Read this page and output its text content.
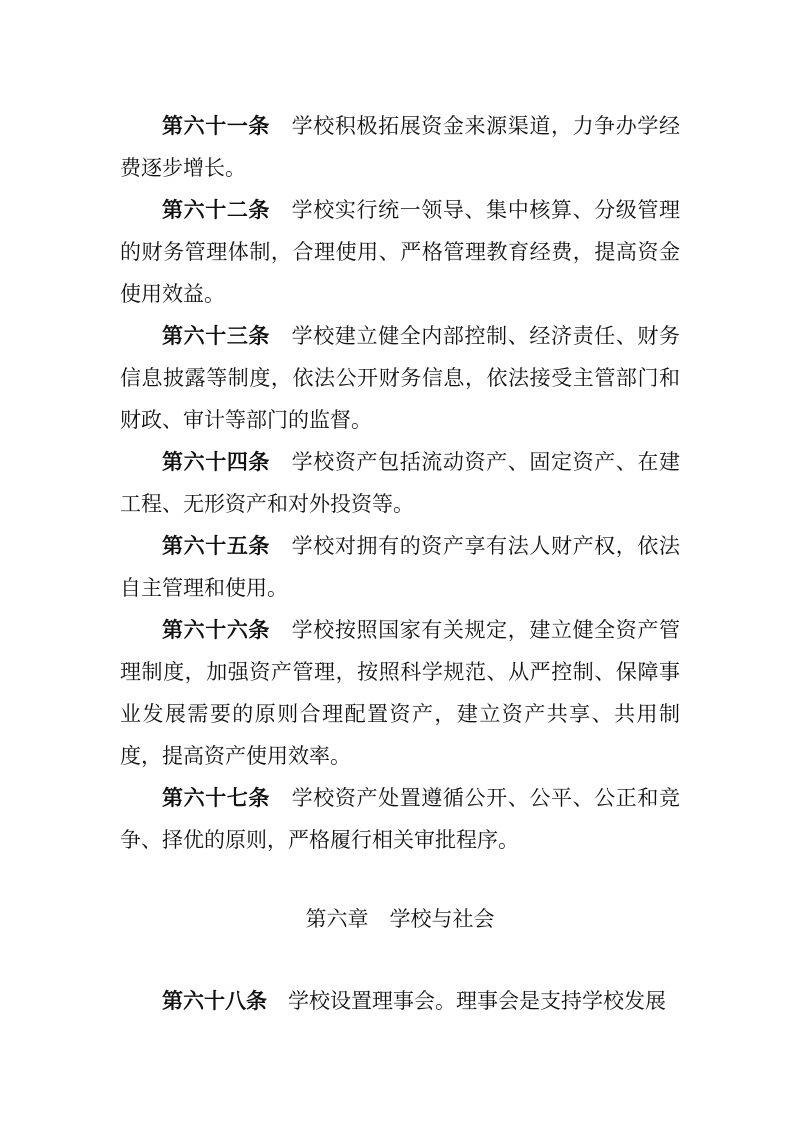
第六十一条 学校积极拓展资金来源渠道，力争办学经费逐步增长。

第六十二条 学校实行统一领导、集中核算、分级管理的财务管理体制，合理使用、严格管理教育经费，提高资金使用效益。

第六十三条 学校建立健全内部控制、经济责任、财务信息披露等制度，依法公开财务信息，依法接受主管部门和财政、审计等部门的监督。

第六十四条 学校资产包括流动资产、固定资产、在建工程、无形资产和对外投资等。

第六十五条 学校对拥有的资产享有法人财产权，依法自主管理和使用。

第六十六条 学校按照国家有关规定，建立健全资产管理制度，加强资产管理，按照科学规范、从严控制、保障事业发展需要的原则合理配置资产，建立资产共享、共用制度，提高资产使用效率。

第六十七条 学校资产处置遵循公开、公平、公正和竞争、择优的原则，严格履行相关审批程序。

第六章 学校与社会

第六十八条 学校设置理事会。理事会是支持学校发展
